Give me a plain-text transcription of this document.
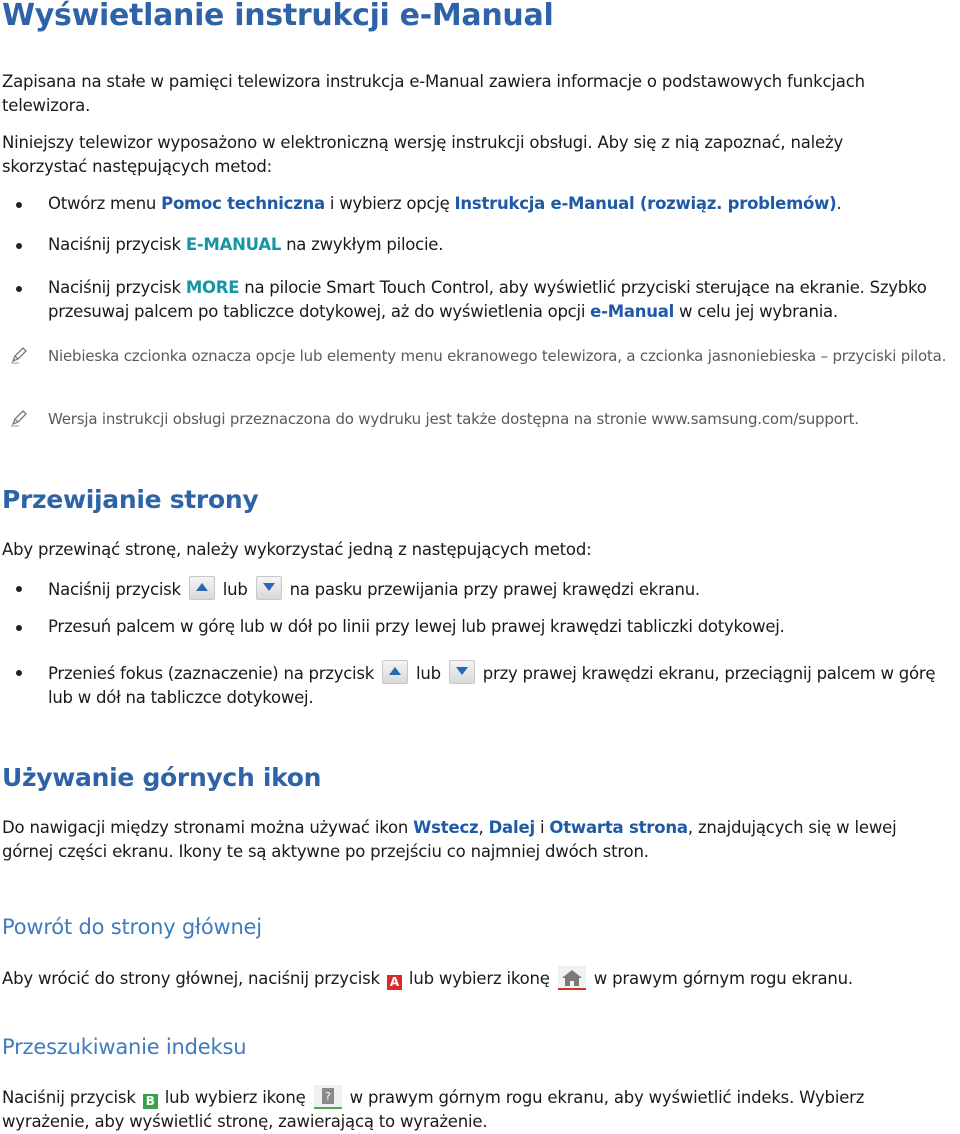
Wyświetlanie instrukcji e-Manual

Zapisana na stałe w pamięci telewizora instrukcja e-Manual zawiera informacje o podstawowych funkcjach telewizora.

Niniejszy telewizor wyposażono w elektroniczną wersję instrukcji obsługi. Aby się z nią zapoznać, należy skorzystać następujących metod:

Otwórz menu Pomoc techniczna i wybierz opcję Instrukcja e-Manual (rozwiąz. problemów).
Naciśnij przycisk E-MANUAL na zwykłym pilocie.
Naciśnij przycisk MORE na pilocie Smart Touch Control, aby wyświetlić przyciski sterujące na ekranie. Szybko przesuwaj palcem po tabliczce dotykowej, aż do wyświetlenia opcji e-Manual w celu jej wybrania.
Niebieska czcionka oznacza opcje lub elementy menu ekranowego telewizora, a czcionka jasnoniebieska – przyciski pilota.
Wersja instrukcji obsługi przeznaczona do wydruku jest także dostępna na stronie www.samsung.com/support.
Przewijanie strony

Aby przewinąć stronę, należy wykorzystać jedną z następujących metod:

Naciśnij przycisk
lub
na pasku przewijania przy prawej krawędzi ekranu.
Przesuń palcem w górę lub w dół po linii przy lewej lub prawej krawędzi tabliczki dotykowej.
Przenieś fokus (zaznaczenie) na przycisk
lub
przy prawej krawędzi ekranu, przeciągnij palcem w górę lub w dół na tabliczce dotykowej.
Używanie górnych ikon

Do nawigacji między stronami można używać ikon Wstecz, Dalej i Otwarta strona, znajdujących się w lewej górnej części ekranu. Ikony te są aktywne po przejściu co najmniej dwóch stron.

Powrót do strony głównej

Aby wrócić do strony głównej, naciśnij przycisk A lub wybierz ikonę  w prawym górnym rogu ekranu.

Przeszukiwanie indeksu

Naciśnij przycisk B lub wybierz ikonę ? w prawym górnym rogu ekranu, aby wyświetlić indeks. Wybierz wyrażenie, aby wyświetlić stronę, zawierającą to wyrażenie.
